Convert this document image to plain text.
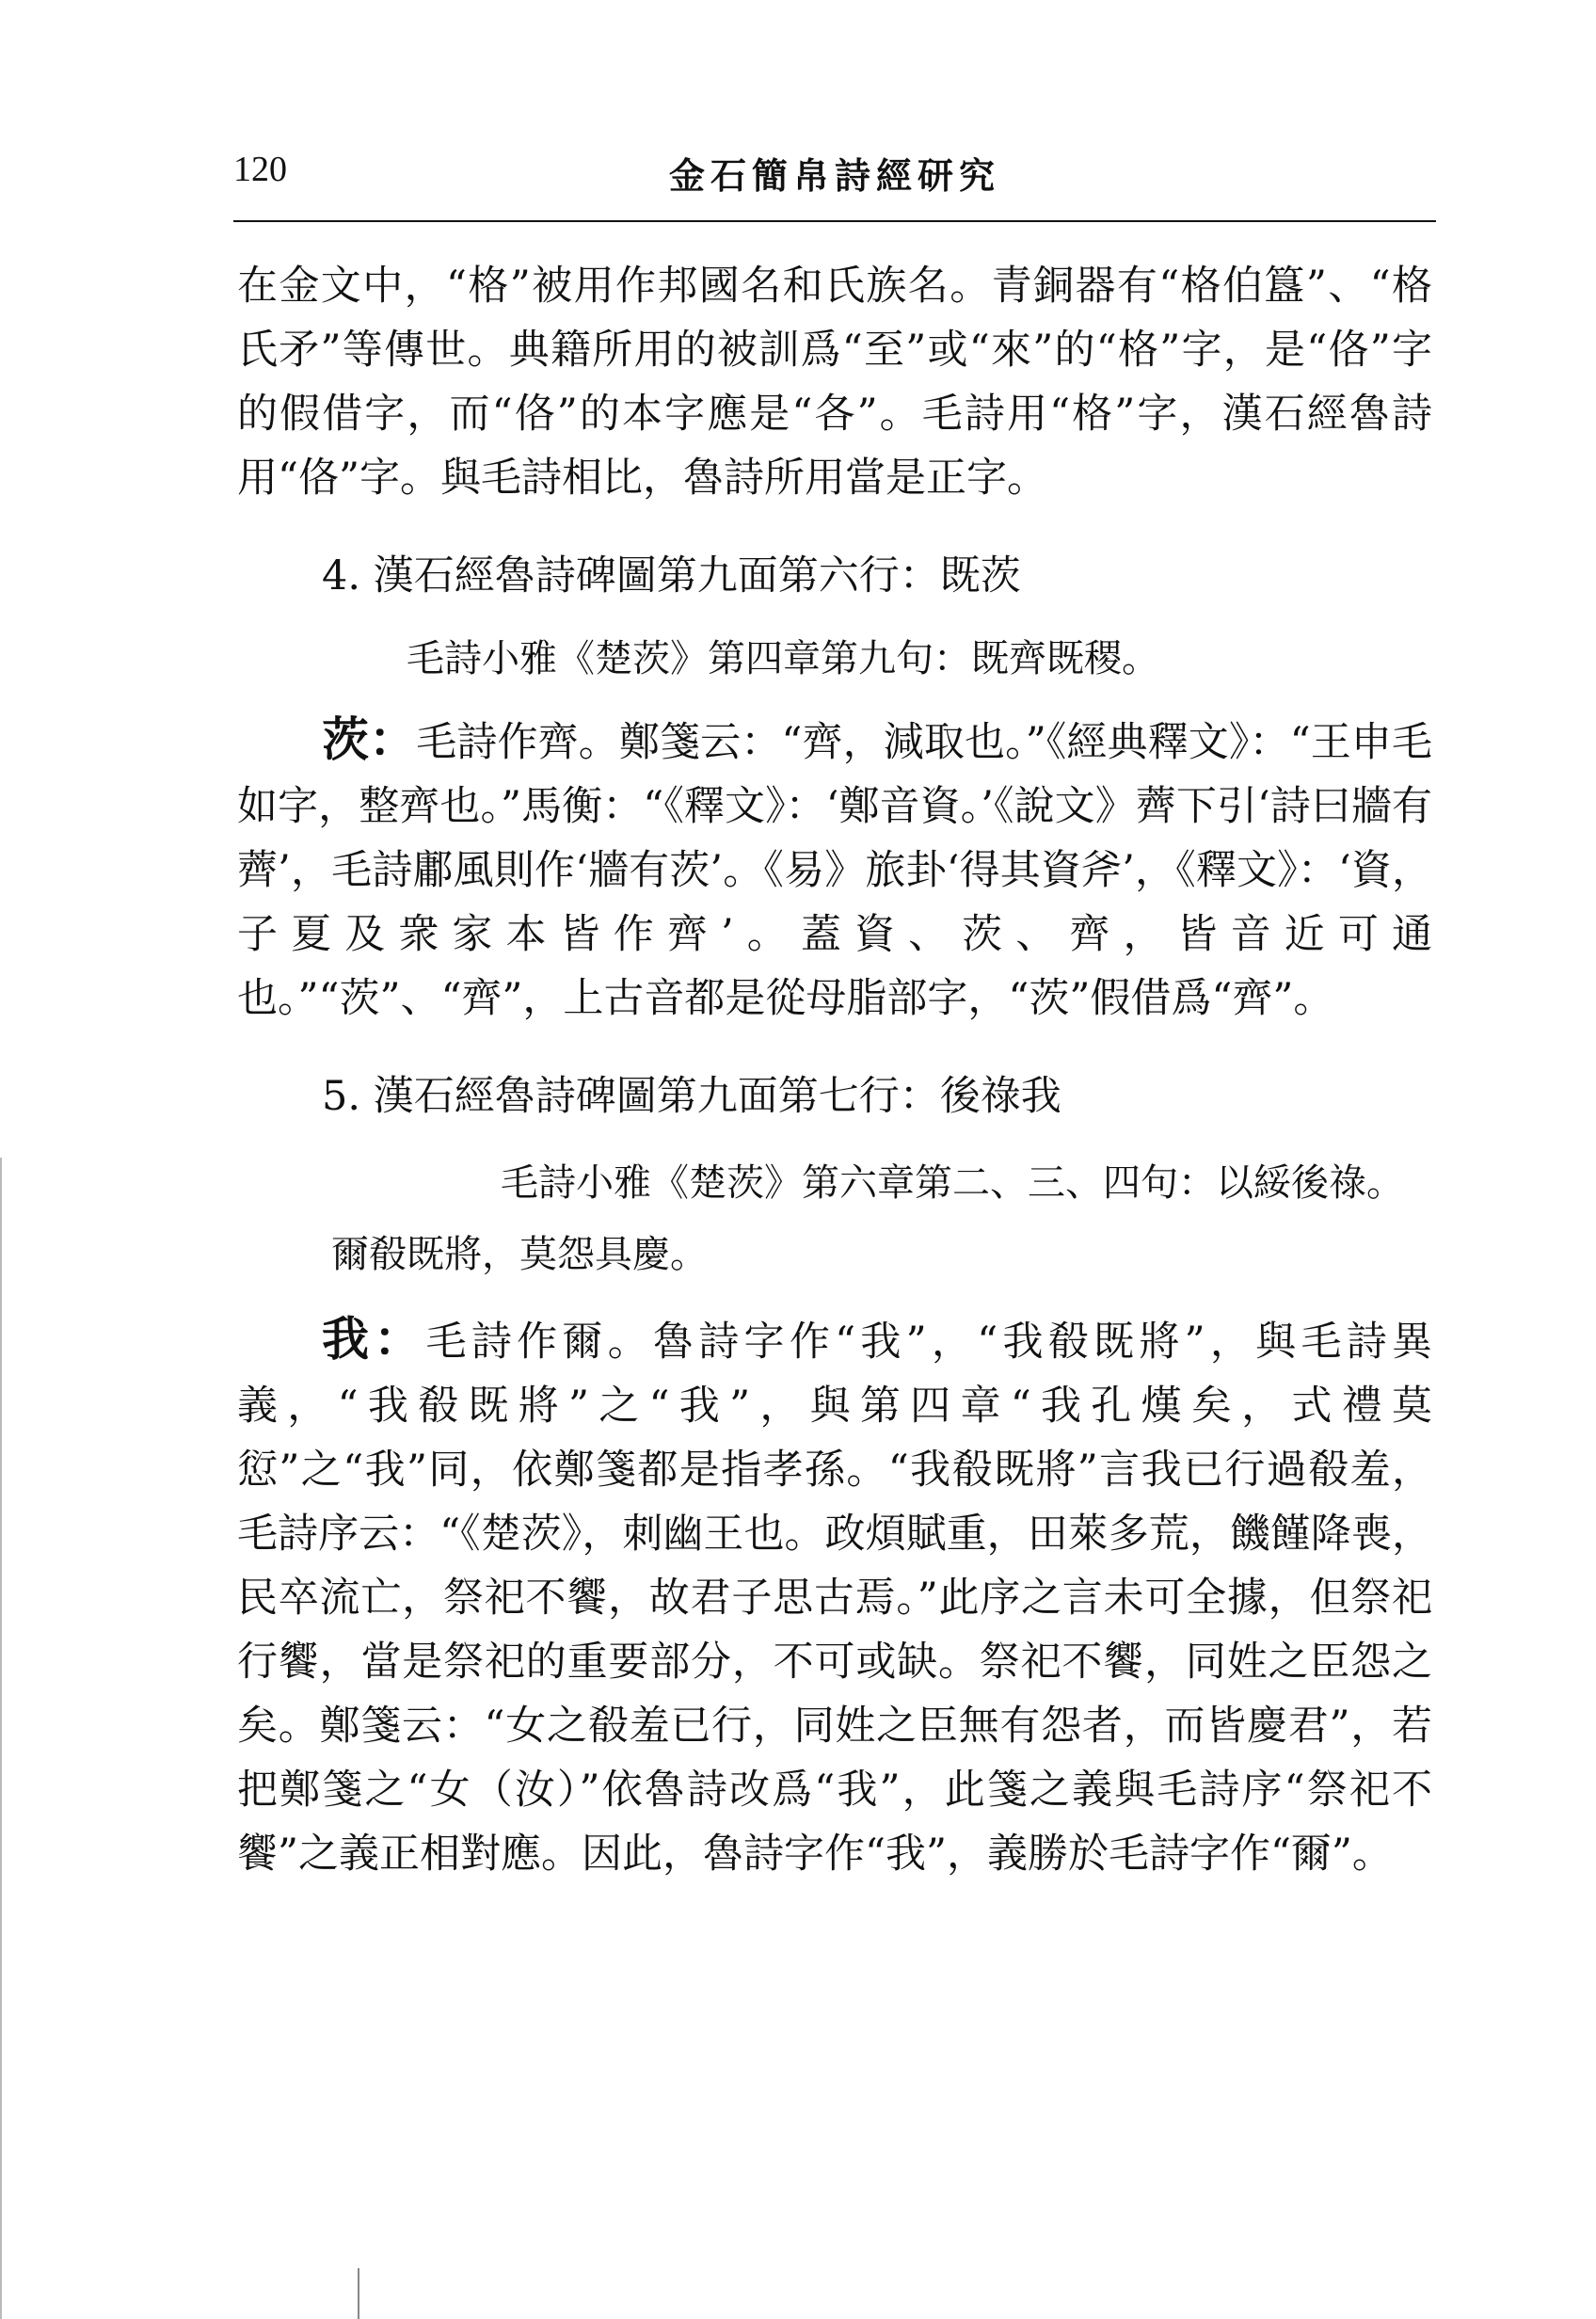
120	金石簡帛詩經研究

在金文中，“格”被用作邦國名和氏族名。青銅器有“格伯簋”、“格氏矛”等傳世。典籍所用的被訓爲“至”或“來”的“格”字，是“佫”字的假借字，而“佫”的本字應是“各”。毛詩用“格”字，漢石經魯詩用“佫”字。與毛詩相比，魯詩所用當是正字。

4. 漢石經魯詩碑圖第九面第六行：既茨

毛詩小雅《楚茨》第四章第九句：既齊既稷。

茨：毛詩作齊。鄭箋云：“齊，減取也。”《經典釋文》：“王申毛如字，整齊也。”馬衡：“《釋文》：‘鄭音資。’《說文》薺下引‘詩曰牆有薺’，毛詩鄘風則作‘牆有茨’。《易》旅卦‘得其資斧’，《釋文》：‘資，子夏及衆家本皆作齊’。蓋資、茨、齊，皆音近可通也。”“茨”、“齊”，上古音都是從母脂部字，“茨”假借爲“齊”。

5. 漢石經魯詩碑圖第九面第七行：後祿我

毛詩小雅《楚茨》第六章第二、三、四句：以綏後祿。爾殽既將，莫怨具慶。

我：毛詩作爾。魯詩字作“我”，“我殽既將”，與毛詩異義，“我殽既將”之“我”，與第四章“我孔熯矣，式禮莫愆”之“我”同，依鄭箋都是指孝孫。“我殽既將”言我已行過殽羞，毛詩序云：“《楚茨》，刺幽王也。政煩賦重，田萊多荒，饑饉降喪，民卒流亡，祭祀不饗，故君子思古焉。”此序之言未可全據，但祭祀行饗，當是祭祀的重要部分，不可或缺。祭祀不饗，同姓之臣怨之矣。鄭箋云：“女之殽羞已行，同姓之臣無有怨者，而皆慶君”，若把鄭箋之“女（汝）”依魯詩改爲“我”，此箋之義與毛詩序“祭祀不饗”之義正相對應。因此，魯詩字作“我”，義勝於毛詩字作“爾”。
